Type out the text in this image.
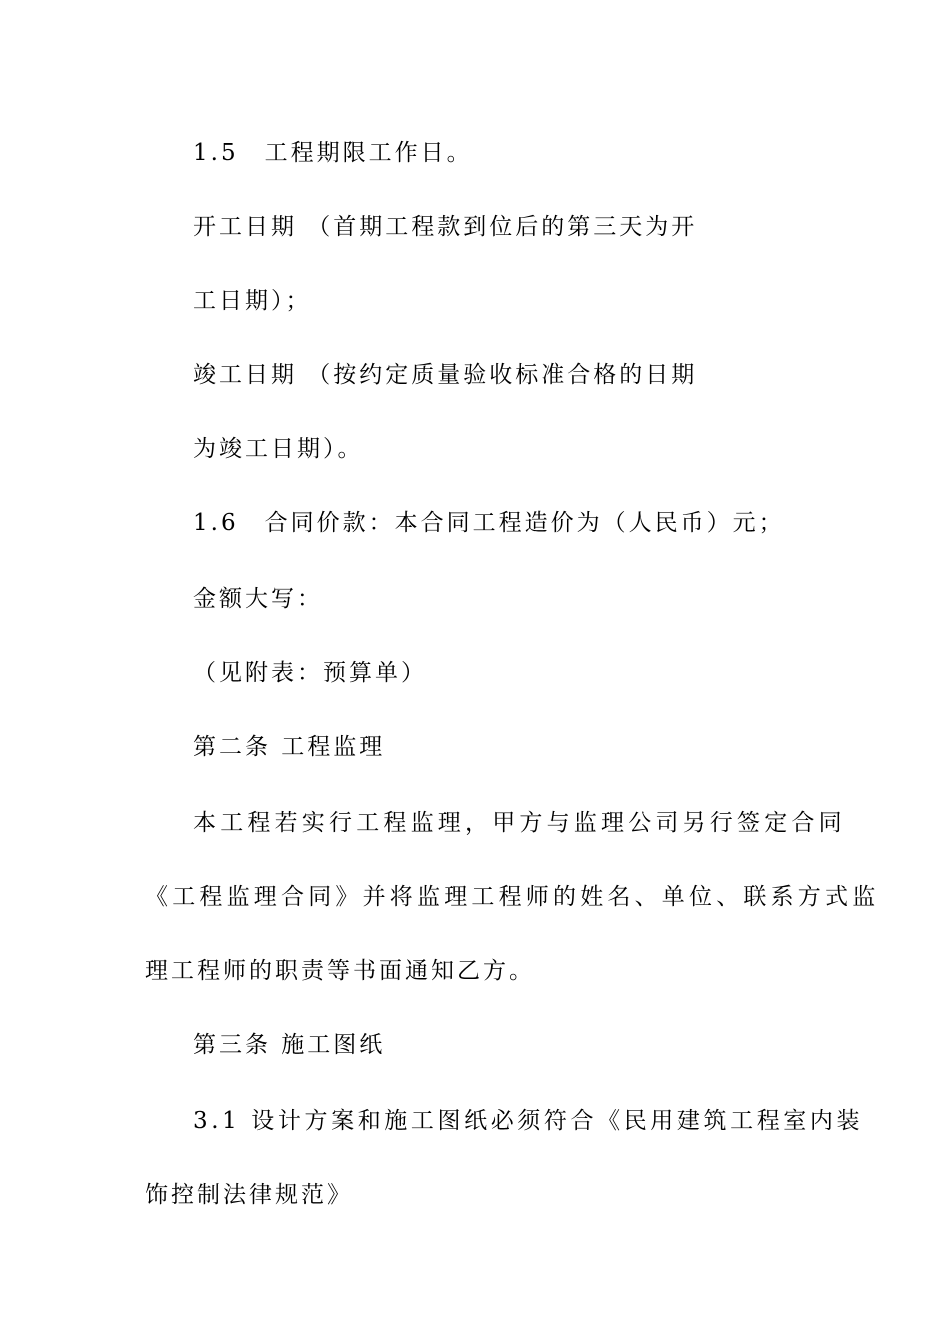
1.5　工程期限工作日。
开工日期 （首期工程款到位后的第三天为开
工日期）；
竣工日期 （按约定质量验收标准合格的日期
为竣工日期）。
1.6　合同价款：本合同工程造价为（人民币）元；
金额大写：
（见附表：预算单）
第二条 工程监理
本工程若实行工程监理，甲方与监理公司另行签定合同
《工程监理合同》并将监理工程师的姓名、单位、联系方式监
理工程师的职责等书面通知乙方。
第三条 施工图纸
3.1 设计方案和施工图纸必须符合《民用建筑工程室内装
饰控制法律规范》
